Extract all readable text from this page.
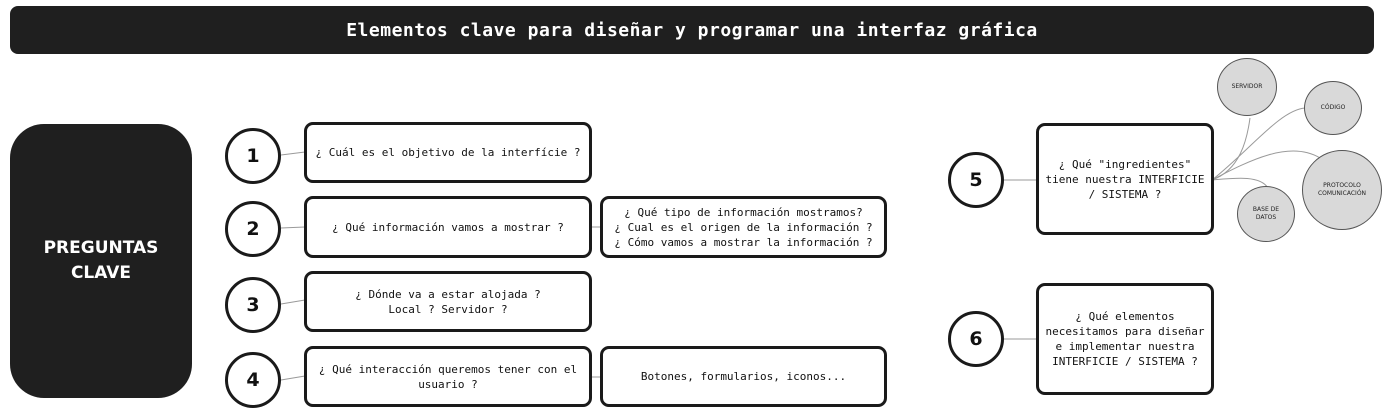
Elementos clave para diseñar y programar una interfaz gráfica
PREGUNTAS
CLAVE
1	¿ Cuál es el objetivo de la interfície ?
2	¿ Qué información vamos a mostrar ?
¿ Qué tipo de información mostramos?
¿ Cual es el origen de la información ?
¿ Cómo vamos a mostrar la información ?
3	¿ Dónde va a estar alojada ?
Local ? Servidor ?
4	¿ Qué interacción queremos tener con el
usuario ?
Botones, formularios, iconos...
5
¿ Qué "ingredientes"
tiene nuestra INTERFICIE
/ SISTEMA ?
6
¿ Qué elementos
necesitamos para diseñar
e implementar nuestra
INTERFICIE / SISTEMA ?
SERVIDOR
CÓDIGO
PROTOCOLO
COMUNICACIÓN
BASE DE
DATOS
